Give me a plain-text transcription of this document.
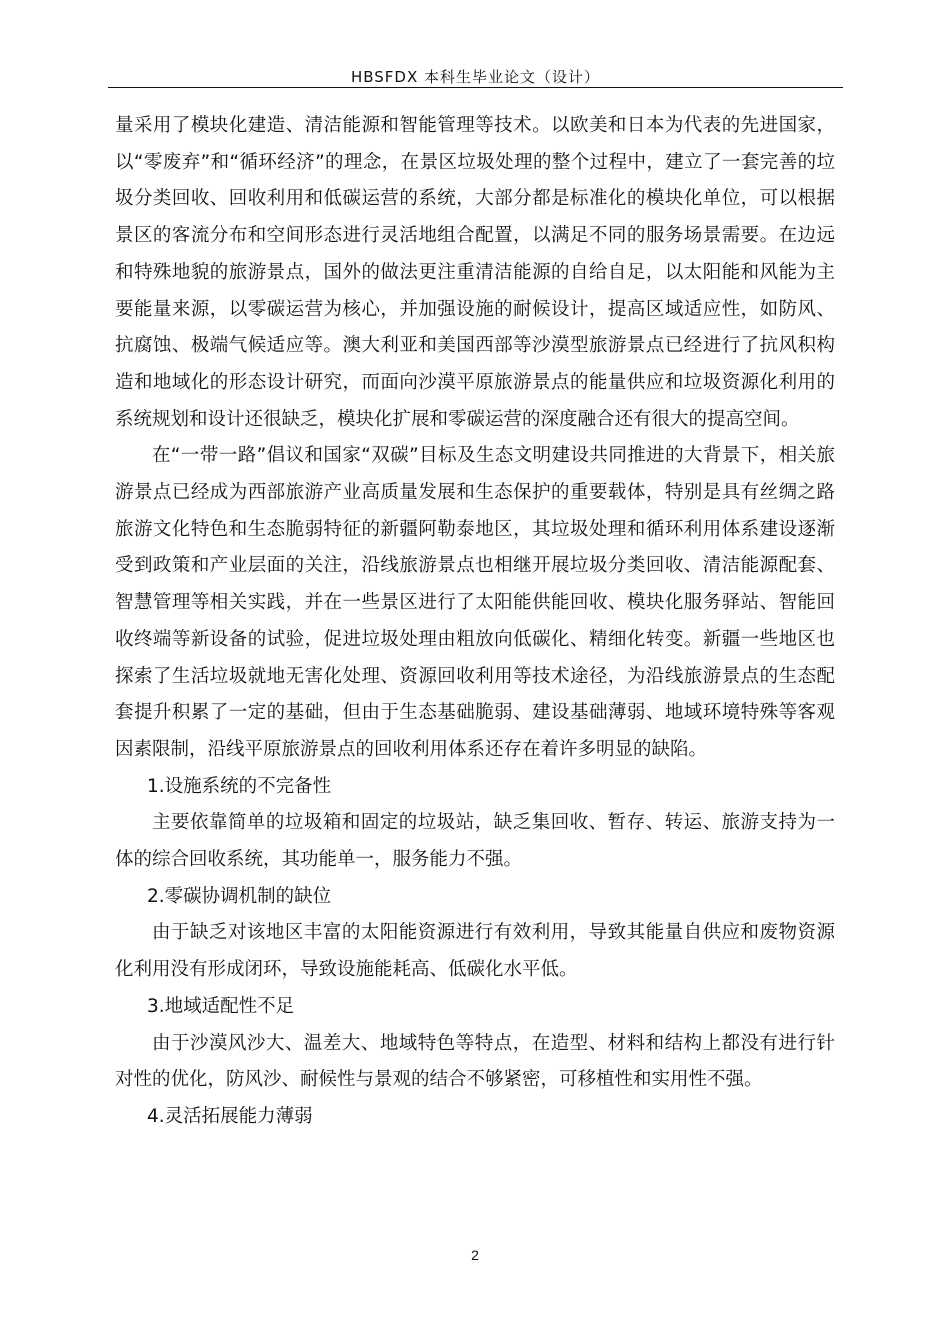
HBSFDX 本科生毕业论文（设计）

量采用了模块化建造、清洁能源和智能管理等技术。以欧美和日本为代表的先进国家，以“零废弃”和“循环经济”的理念，在景区垃圾处理的整个过程中，建立了一套完善的垃圾分类回收、回收利用和低碳运营的系统，大部分都是标准化的模块化单位，可以根据景区的客流分布和空间形态进行灵活地组合配置，以满足不同的服务场景需要。在边远和特殊地貌的旅游景点，国外的做法更注重清洁能源的自给自足，以太阳能和风能为主要能量来源，以零碳运营为核心，并加强设施的耐候设计，提高区域适应性，如防风、抗腐蚀、极端气候适应等。澳大利亚和美国西部等沙漠型旅游景点已经进行了抗风积构造和地域化的形态设计研究，而面向沙漠平原旅游景点的能量供应和垃圾资源化利用的系统规划和设计还很缺乏，模块化扩展和零碳运营的深度融合还有很大的提高空间。

在“一带一路”倡议和国家“双碳”目标及生态文明建设共同推进的大背景下，相关旅游景点已经成为西部旅游产业高质量发展和生态保护的重要载体，特别是具有丝绸之路旅游文化特色和生态脆弱特征的新疆阿勒泰地区，其垃圾处理和循环利用体系建设逐渐受到政策和产业层面的关注，沿线旅游景点也相继开展垃圾分类回收、清洁能源配套、智慧管理等相关实践，并在一些景区进行了太阳能供能回收、模块化服务驿站、智能回收终端等新设备的试验，促进垃圾处理由粗放向低碳化、精细化转变。新疆一些地区也探索了生活垃圾就地无害化处理、资源回收利用等技术途径，为沿线旅游景点的生态配套提升积累了一定的基础，但由于生态基础脆弱、建设基础薄弱、地域环境特殊等客观因素限制，沿线平原旅游景点的回收利用体系还存在着许多明显的缺陷。

1.设施系统的不完备性

主要依靠简单的垃圾箱和固定的垃圾站，缺乏集回收、暂存、转运、旅游支持为一体的综合回收系统，其功能单一，服务能力不强。

2.零碳协调机制的缺位

由于缺乏对该地区丰富的太阳能资源进行有效利用，导致其能量自供应和废物资源化利用没有形成闭环，导致设施能耗高、低碳化水平低。

3.地域适配性不足

由于沙漠风沙大、温差大、地域特色等特点，在造型、材料和结构上都没有进行针对性的优化，防风沙、耐候性与景观的结合不够紧密，可移植性和实用性不强。

4.灵活拓展能力薄弱

2
